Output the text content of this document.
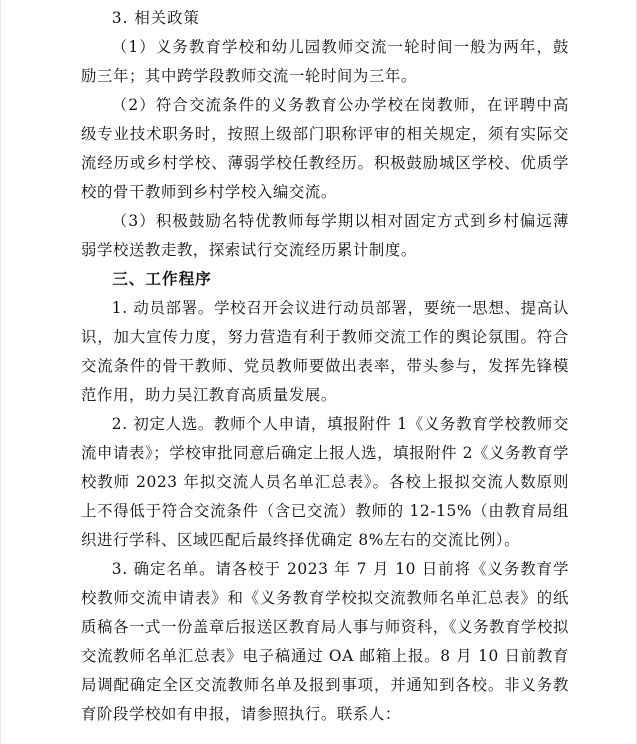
3. 相关政策

（1）义务教育学校和幼儿园教师交流一轮时间一般为两年，鼓励三年；其中跨学段教师交流一轮时间为三年。

（2）符合交流条件的义务教育公办学校在岗教师，在评聘中高级专业技术职务时，按照上级部门职称评审的相关规定，须有实际交流经历或乡村学校、薄弱学校任教经历。积极鼓励城区学校、优质学校的骨干教师到乡村学校入编交流。

（3）积极鼓励名特优教师每学期以相对固定方式到乡村偏远薄弱学校送教走教，探索试行交流经历累计制度。

三、工作程序

1. 动员部署。学校召开会议进行动员部署，要统一思想、提高认识，加大宣传力度，努力营造有利于教师交流工作的舆论氛围。符合交流条件的骨干教师、党员教师要做出表率，带头参与，发挥先锋模范作用，助力吴江教育高质量发展。

2. 初定人选。教师个人申请，填报附件 1《义务教育学校教师交流申请表》；学校审批同意后确定上报人选，填报附件 2《义务教育学校教师 2023 年拟交流人员名单汇总表》。各校上报拟交流人数原则上不得低于符合交流条件（含已交流）教师的 12-15%（由教育局组织进行学科、区域匹配后最终择优确定 8%左右的交流比例）。

3. 确定名单。请各校于 2023 年 7 月 10 日前将《义务教育学校教师交流申请表》和《义务教育学校拟交流教师名单汇总表》的纸质稿各一式一份盖章后报送区教育局人事与师资科，《义务教育学校拟交流教师名单汇总表》电子稿通过 OA 邮箱上报。8 月 10 日前教育局调配确定全区交流教师名单及报到事项，并通知到各校。非义务教育阶段学校如有申报，请参照执行。联系人：
